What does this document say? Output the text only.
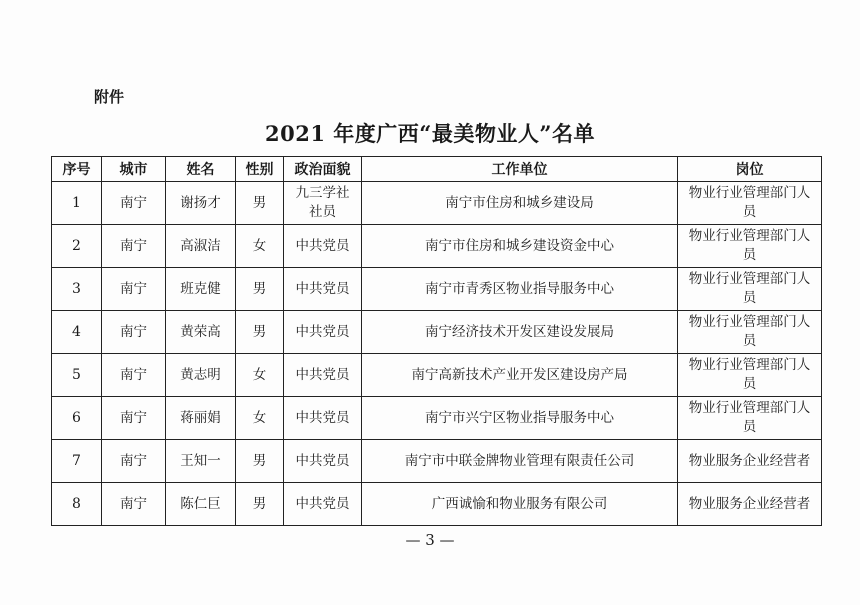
附件
2021 年度广西“最美物业人”名单
序号	城市	姓名	性别	政治面貌	工作单位	岗位
1	南宁	谢扬才	男	九三学社社员	南宁市住房和城乡建设局	物业行业管理部门人员
2	南宁	高淑洁	女	中共党员	南宁市住房和城乡建设资金中心	物业行业管理部门人员
3	南宁	班克健	男	中共党员	南宁市青秀区物业指导服务中心	物业行业管理部门人员
4	南宁	黄荣高	男	中共党员	南宁经济技术开发区建设发展局	物业行业管理部门人员
5	南宁	黄志明	女	中共党员	南宁高新技术产业开发区建设房产局	物业行业管理部门人员
6	南宁	蒋丽娟	女	中共党员	南宁市兴宁区物业指导服务中心	物业行业管理部门人员
7	南宁	王知一	男	中共党员	南宁市中联金牌物业管理有限责任公司	物业服务企业经营者
8	南宁	陈仁巨	男	中共党员	广西诚愉和物业服务有限公司	物业服务企业经营者
— 3 —
